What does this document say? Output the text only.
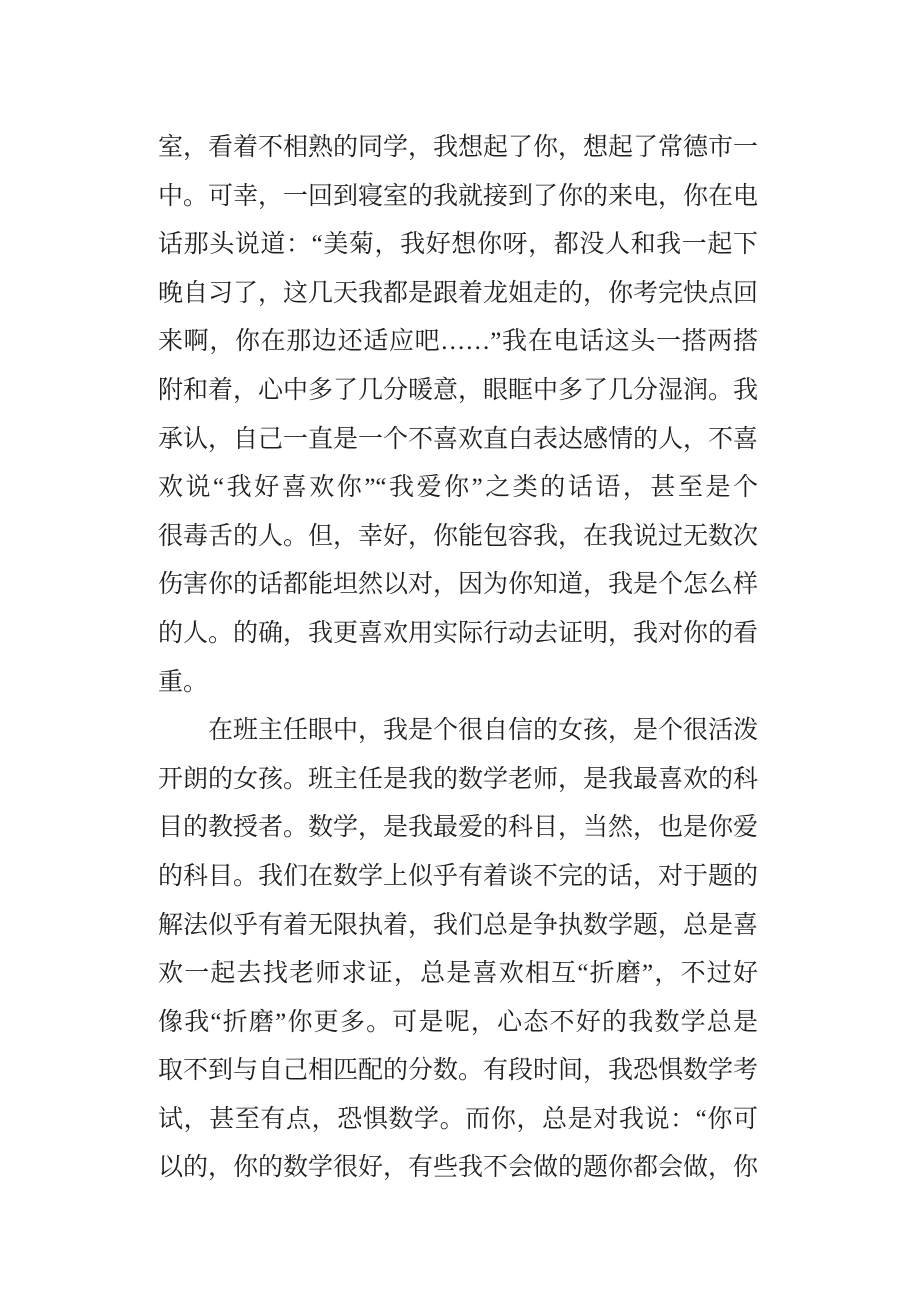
室，看着不相熟的同学，我想起了你，想起了常德市一
中。可幸，一回到寝室的我就接到了你的来电，你在电
话那头说道：“美菊，我好想你呀，都没人和我一起下
晚自习了，这几天我都是跟着龙姐走的，你考完快点回
来啊，你在那边还适应吧……”我在电话这头一搭两搭
附和着，心中多了几分暖意，眼眶中多了几分湿润。我
承认，自己一直是一个不喜欢直白表达感情的人，不喜
欢说“我好喜欢你”“我爱你”之类的话语，甚至是个
很毒舌的人。但，幸好，你能包容我，在我说过无数次
伤害你的话都能坦然以对，因为你知道，我是个怎么样
的人。的确，我更喜欢用实际行动去证明，我对你的看
重。
在班主任眼中，我是个很自信的女孩，是个很活泼
开朗的女孩。班主任是我的数学老师，是我最喜欢的科
目的教授者。数学，是我最爱的科目，当然，也是你爱
的科目。我们在数学上似乎有着谈不完的话，对于题的
解法似乎有着无限执着，我们总是争执数学题，总是喜
欢一起去找老师求证，总是喜欢相互“折磨”，不过好
像我“折磨”你更多。可是呢，心态不好的我数学总是
取不到与自己相匹配的分数。有段时间，我恐惧数学考
试，甚至有点，恐惧数学。而你，总是对我说：“你可
以的，你的数学很好，有些我不会做的题你都会做，你
